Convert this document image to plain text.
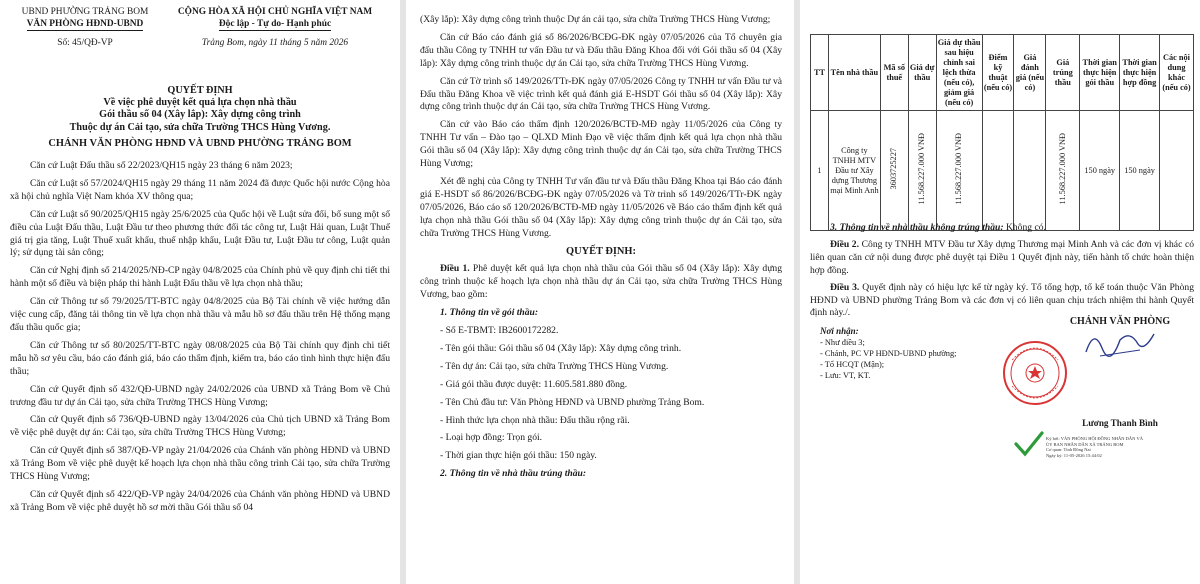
UBND PHƯỜNG TRẢNG BOM
VĂN PHÒNG HĐND-UBND
Số: 45/QĐ-VP
CỘNG HÒA XÃ HỘI CHỦ NGHĨA VIỆT NAM
Độc lập - Tự do- Hạnh phúc
Trảng Bom, ngày 11 tháng 5 năm 2026
QUYẾT ĐỊNH
Về việc phê duyệt kết quả lựa chọn nhà thầu
Gói thầu số 04 (Xây lắp): Xây dựng công trình
Thuộc dự án Cải tạo, sửa chữa Trường THCS Hùng Vương.
CHÁNH VĂN PHÒNG HĐND VÀ UBND PHƯỜNG TRẢNG BOM

Căn cứ Luật Đấu thầu số 22/2023/QH15 ngày 23 tháng 6 năm 2023;

Căn cứ Luật số 57/2024/QH15 ngày 29 tháng 11 năm 2024 đã được Quốc hội nước Cộng hòa xã hội chủ nghĩa Việt Nam khóa XV thông qua;

Căn cứ Luật số 90/2025/QH15 ngày 25/6/2025 của Quốc hội về Luật sửa đổi, bổ sung một số điều của Luật Đấu thầu, Luật Đầu tư theo phương thức đối tác công tư, Luật Hải quan, Luật Thuế giá trị gia tăng, Luật Thuế xuất khẩu, thuế nhập khẩu, Luật Đầu tư, Luật Đầu tư công, Luật quản lý; sử dụng tài sản công;

Căn cứ Nghị định số 214/2025/NĐ-CP ngày 04/8/2025 của Chính phủ về quy định chi tiết thi hành một số điều và biện pháp thi hành Luật Đấu thầu về lựa chọn nhà thầu;

Căn cứ Thông tư số 79/2025/TT-BTC ngày 04/8/2025 của Bộ Tài chính về việc hướng dẫn việc cung cấp, đăng tải thông tin về lựa chọn nhà thầu và mẫu hồ sơ đấu thầu trên Hệ thống mạng đấu thầu quốc gia;

Căn cứ Thông tư số 80/2025/TT-BTC ngày 08/08/2025 của Bộ Tài chính quy định chi tiết mẫu hồ sơ yêu cầu, báo cáo đánh giá, báo cáo thẩm định, kiểm tra, báo cáo tình hình thực hiện đấu thầu;

Căn cứ Quyết định số 432/QĐ-UBND ngày 24/02/2026 của UBND xã Trảng Bom về Chủ trương đầu tư dự án Cải tạo, sửa chữa Trường THCS Hùng Vương;

Căn cứ Quyết định số 736/QĐ-UBND ngày 13/04/2026 của Chủ tịch UBND xã Trảng Bom về việc phê duyệt dự án: Cải tạo, sửa chữa Trường THCS Hùng Vương;

Căn cứ Quyết định số 387/QĐ-VP ngày 21/04/2026 của Chánh văn phòng HĐND và UBND xã Trảng Bom về việc phê duyệt kế hoạch lựa chọn nhà thầu công trình Cải tạo, sửa chữa Trường THCS Hùng Vương;

Căn cứ Quyết định số 422/QĐ-VP ngày 24/04/2026 của Chánh văn phòng HĐND và UBND xã Trảng Bom về việc phê duyệt hồ sơ mời thầu Gói thầu số 04

(Xây lắp): Xây dựng công trình thuộc Dự án cải tạo, sửa chữa Trường THCS Hùng Vương;

Căn cứ Báo cáo đánh giá số 86/2026/BCĐG-ĐK ngày 07/05/2026 của Tổ chuyên gia đấu thầu Công ty TNHH tư vấn Đầu tư và Đấu thầu Đăng Khoa đối với Gói thầu số 04 (Xây lắp): Xây dựng công trình thuộc dự án Cải tạo, sửa chữa Trường THCS Hùng Vương.

Căn cứ Tờ trình số 149/2026/TTr-ĐK ngày 07/05/2026 Công ty TNHH tư vấn Đầu tư và Đấu thầu Đăng Khoa về việc trình kết quả đánh giá E-HSDT Gói thầu số 04 (Xây lắp): Xây dựng công trình thuộc dự án Cải tạo, sửa chữa Trường THCS Hùng Vương.

Căn cứ vào Báo cáo thẩm định 120/2026/BCTĐ-MĐ ngày 11/05/2026 của Công ty TNHH Tư vấn – Đào tạo – QLXD Minh Đạo về việc thẩm định kết quả lựa chọn nhà thầu Gói thầu số 04 (Xây lắp): Xây dựng công trình thuộc dự án Cải tạo, sửa chữa Trường THCS Hùng Vương;

Xét đề nghị của Công ty TNHH Tư vấn đầu tư và Đấu thầu Đăng Khoa tại Báo cáo đánh giá E-HSDT số 86/2026/BCĐG-ĐK ngày 07/05/2026 và Tờ trình số 149/2026/TTr-ĐK ngày 07/05/2026, Báo cáo số 120/2026/BCTĐ-MĐ ngày 11/05/2026 về Báo cáo thẩm định kết quả lựa chọn nhà thầu Gói thầu số 04 (Xây lắp): Xây dựng công trình thuộc dự án Cải tạo, sửa chữa Trường THCS Hùng Vương.

QUYẾT ĐỊNH:

Điều 1. Phê duyệt kết quả lựa chọn nhà thầu của Gói thầu số 04 (Xây lắp): Xây dựng công trình thuộc kế hoạch lựa chọn nhà thầu dự án Cải tạo, sửa chữa Trường THCS Hùng Vương, bao gồm:

1. Thông tin về gói thầu:

- Số E-TBMT: IB2600172282.
- Tên gói thầu: Gói thầu số 04 (Xây lắp): Xây dựng công trình.
- Tên dự án: Cải tạo, sửa chữa Trường THCS Hùng Vương.
- Giá gói thầu được duyệt: 11.605.581.880 đồng.
- Tên Chủ đầu tư: Văn Phòng HĐND và UBND phường Trảng Bom.
- Hình thức lựa chọn nhà thầu: Đấu thầu rộng rãi.
- Loại hợp đồng: Trọn gói.
- Thời gian thực hiện gói thầu: 150 ngày.

2. Thông tin về nhà thầu trúng thầu:

TT	Tên nhà thầu	Mã số thuế	Giá dự thầu	Giá dự thầu sau hiệu chỉnh sai lệch thừa (nếu có), giảm giá (nếu có)	Điểm kỹ thuật (nếu có)	Giá đánh giá (nếu có)	Giá trúng thầu	Thời gian thực hiện gói thầu	Thời gian thực hiện hợp đồng	Các nội dung khác (nếu có)
1	Công ty TNHH MTV Đầu tư Xây dựng Thương mại Minh Anh	3603725227	11.568.227.000 VNĐ	11.568.227.000 VNĐ			11.568.227.000 VNĐ	150 ngày	150 ngày	

3. Thông tin về nhà thầu không trúng thầu: Không có.

Điều 2. Công ty TNHH MTV Đầu tư Xây dựng Thương mại Minh Anh và các đơn vị khác có liên quan căn cứ nội dung được phê duyệt tại Điều 1 Quyết định này, tiến hành tổ chức hoàn thiện hợp đồng.

Điều 3. Quyết định này có hiệu lực kể từ ngày ký. Tổ tổng hợp, tổ kế toán thuộc Văn Phòng HĐND và UBND phường Trảng Bom và các đơn vị có liên quan chịu trách nhiệm thi hành Quyết định này./.

Nơi nhận:
- Như điều 3;
- Chánh, PC VP HĐND-UBND phường;
- Tổ HCQT (Mận);
- Lưu: VT, KT.
CHÁNH VĂN PHÒNG
Lương Thanh Bình
Ký bởi: VĂN PHÒNG HỘI ĐỒNG NHÂN DÂN VÀ
ỦY BAN NHÂN DÂN XÃ TRẢNG BOM
Cơ quan: Tỉnh Đồng Nai
Ngày ký: 11-05-2026 15:44:02
